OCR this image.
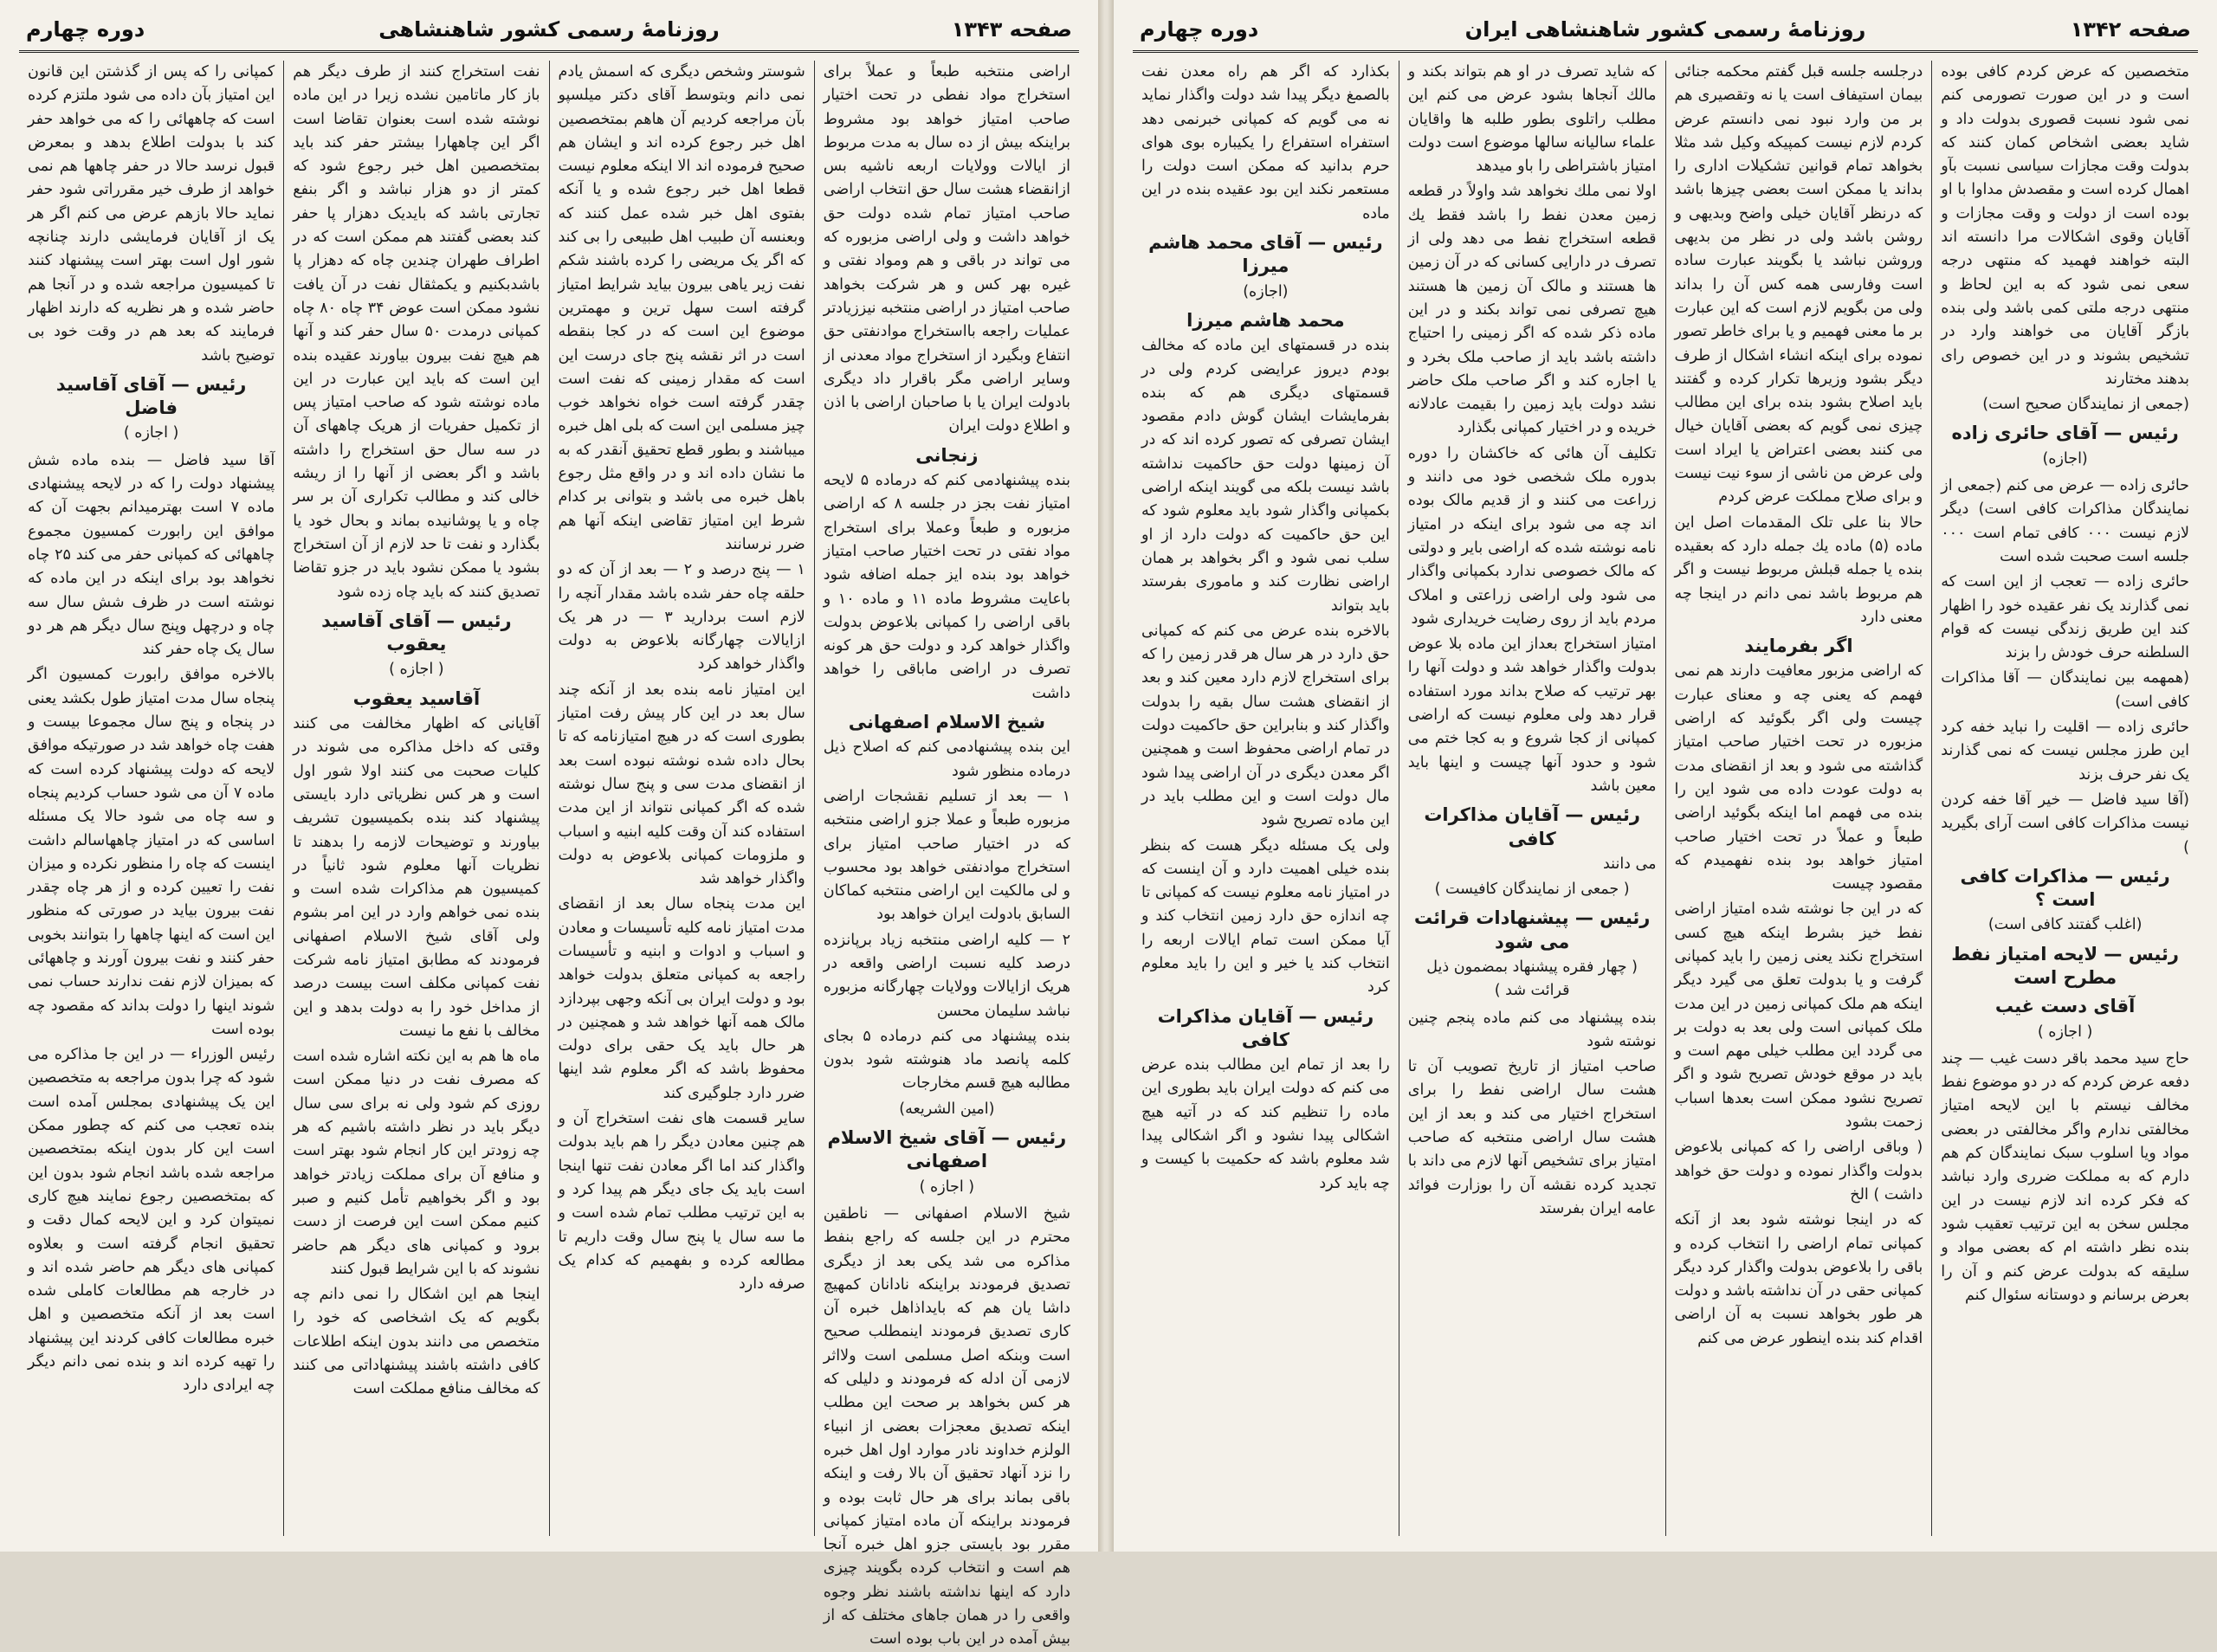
صفحه ۱۳۴۳
روزنامهٔ رسمی کشور شاهنشاهی
دوره چهارم
اراضی منتخبه طبعاً و عملاً برای استخراج مواد نفطی در تحت اختیار صاحب امتیاز خواهد بود مشروط براینکه بیش از ده سال به مدت مربوط از ایالات وولایات اربعه ناشیه بس ازانقضاء هشت سال حق انتخاب اراضی صاحب امتیاز تمام شده دولت حق خواهد داشت و ولی اراضی مزبوره که می تواند در باقی و هم ومواد نفتی و غیره بهر کس و هر شرکت بخواهد صاحب امتیاز در اراضی منتخبه نیززیادتر عملیات راجعه بااستخراج موادنفتی حق انتفاع وبگیرد از استخراج مواد معدنی از وسایر اراضی مگر باقرار داد دیگری بادولت ایران یا با صاحبان اراضی با اذن و اطلاع دولت ایران
زنجانی
بنده پیشنهادمی کنم که درماده ۵ لایحه امتیاز نفت بجز در جلسه ۸ که اراضی مزبوره و طبعاً وعملا برای استخراج مواد نفتی در تحت اختیار صاحب امتیاز خواهد بود بنده ایز جمله اضافه شود باعایت مشروط ماده ۱۱ و ماده ۱۰ و باقی اراضی را کمپانی بلاعوض بدولت واگذار خواهد کرد و دولت حق هر کونه تصرف در اراضی ماباقی را خواهد داشت
شیخ الاسلام اصفهانی
این بنده پیشنهادمی کنم که اصلاح ذیل درماده منظور شود
۱ — بعد از تسلیم نقشجات اراضی مزبوره طبعاً و عملا جزو اراضی منتخبه که در اختیار صاحب امتیاز برای استخراج موادنفتی خواهد بود محسوب و لی مالکیت این اراضی منتخبه کماکان السابق بادولت ایران خواهد بود
۲ — کلیه اراضی منتخبه زیاد برپانزده درصد کلیه نسبت اراضی واقعه در هریک ازایالات وولایات چهارگانه مزبوره نباشد سلیمان محسن
بنده پیشنهاد می کنم درماده ۵ بجای کلمه پانصد ماد هنوشته شود بدون مطالبه هیچ قسم مخارجات
(امین الشریعه)
رئیس — آقای شیخ الاسلام اصفهانی
( اجازه )
شیخ الاسلام اصفهانی — ناطقین محترم در این جلسه که راجع بنفط مذاکره می شد یکی بعد از دیگری تصدیق فرمودند براینکه نادانان کمهیچ داشا یان هم که بایداذاهل خبره آن کاری تصدیق فرمودند اینمطلب صحیح است وبنکه اصل مسلمی است ولااثر لازمی آن ادله که فرمودند و دلیلی که هر کس بخواهد بر صحت این مطلب اینکه تصدیق معجزات بعضی از انبیاء الولزم خداوند نادر موارد اول اهل خبره را نزد آنهاد تحقیق آن بالا رفت و اینکه باقی بماند برای هر حال ثابت بوده و فرمودند براینکه آن ماده امتیاز کمپانی مقرر بود بایستی جزو اهل خبره آنجا هم است و انتخاب کرده بگویند چیزی دارد که اینها نداشته باشند نظر وجوه واقعی را در همان جاهای مختلف که از بیش آمده در این باب بوده است
شوستر وشخص دیگری که اسمش یادم نمی دانم وبتوسط آقای دکتر میلسپو بآن مراجعه کردیم آن هاهم بمتخصصین اهل خبر رجوع کرده اند و ایشان هم صحیح فرموده اند الا اینکه معلوم نیست قطعا اهل خبر رجوع شده و یا آنکه بفتوی اهل خبر شده عمل کنند که وبعنسه آن طبیب اهل طبیعی را بی کند که اگر یک مریضی را کرده باشند شکم نفت زیر یاهی بیرون بیاید شرایط امتیاز گرفته است سهل ترین و مهمترین موضوع این است که در کجا بنقطه است در اثر نقشه پنج جای درست این است که مقدار زمینی که نفت است چقدر گرفته است خواه نخواهد خوب چیز مسلمی این است که بلی اهل خبره میباشند و بطور قطع تحقیق آنقدر که به ما نشان داده اند و در واقع مثل رجوع باهل خبره می باشد و بتوانی بر کدام شرط این امتیاز تقاضی اینکه آنها هم ضرر نرسانند
۱ — پنج درصد و ۲ — بعد از آن که دو حلقه چاه حفر شده باشد مقدار آنچه را لازم است بردارید ۳ — در هر یک ازایالات چهارگانه بلاعوض به دولت واگذار خواهد کرد
این امتیاز نامه بنده بعد از آنکه چند سال بعد در این کار پیش رفت امتیاز بطوری است که در هیچ امتیازنامه که تا بحال داده شده نوشته نبوده است بعد از انقضای مدت سی و پنج سال نوشته شده که اگر کمپانی نتواند از این مدت استفاده کند آن وقت کلیه ابنیه و اسباب و ملزومات کمپانی بلاعوض به دولت واگذار خواهد شد
این مدت پنجاه سال بعد از انقضای مدت امتیاز نامه کلیه تأسیسات و معادن و اسباب و ادوات و ابنیه و تأسیسات راجعه به کمپانی متعلق بدولت خواهد بود و دولت ایران بی آنکه وجهی بپردازد مالک همه آنها خواهد شد و همچنین در هر حال باید یک حقی برای دولت محفوظ باشد که اگر معلوم شد اینها ضرر دارد جلوگیری کند
سایر قسمت های نفت استخراج آن و هم چنین معادن دیگر را هم باید بدولت واگذار کند اما اگر معادن نفت تنها اینجا است باید یک جای دیگر هم پیدا کرد و به این ترتیب مطلب تمام شده است و ما سه سال یا پنج سال وقت داریم تا مطالعه کرده و بفهمیم که کدام یک صرفه دارد
نفت استخراج کنند از طرف دیگر هم باز کار ماتامین نشده زیرا در این ماده نوشته شده است بعنوان تقاضا است اگر این چاههارا بیشتر حفر کند باید بمتخصصین اهل خبر رجوع شود که کمتر از دو هزار نباشد و اگر بنفع تجارتی باشد که بایدیک دهزار پا حفر کند بعضی گفتند هم ممکن است که در اطراف طهران چندین چاه که دهزار پا باشدبکنیم و یکمثقال نفت در آن یافت نشود ممکن است عوض ۳۴ چاه ۸۰ چاه کمپانی درمدت ۵۰ سال حفر کند و آنها هم هیچ نفت بیرون بیاورند عقیده بنده این است که باید این عبارت در این ماده نوشته شود که صاحب امتیاز پس از تکمیل حفریات از هریک چاههای آن در سه سال حق استخراج را داشته باشد و اگر بعضی از آنها را از ریشه خالی کند و مطالب تکراری آن بر سر چاه و یا پوشانیده بماند و بحال خود یا بگذارد و نفت تا حد لازم از آن استخراج بشود یا ممکن نشود باید در جزو تقاضا تصدیق کنند که باید چاه زده شود
رئیس — آقای آقاسید یعقوب
( اجازه )
آقاسید یعقوب
آقایانی که اظهار مخالفت می کنند وقتی که داخل مذاکره می شوند در کلیات صحبت می کنند اولا شور اول است و هر کس نظریاتی دارد بایستی پیشنهاد کند بنده بکمیسیون تشریف بیاورند و توضیحات لازمه را بدهند تا نظریات آنها معلوم شود ثانیاً در کمیسیون هم مذاکرات شده است و بنده نمی خواهم وارد در این امر بشوم ولی آقای شیخ الاسلام اصفهانی فرمودند که مطابق امتیاز نامه شرکت نفت کمپانی مکلف است بیست درصد از مداخل خود را به دولت بدهد و این مخالف با نفع ما نیست
ماه ها هم به این نکته اشاره شده است که مصرف نفت در دنیا ممکن است روزی کم شود ولی نه برای سی سال دیگر باید در نظر داشته باشیم که هر چه زودتر این کار انجام شود بهتر است و منافع آن برای مملکت زیادتر خواهد بود و اگر بخواهیم تأمل کنیم و صبر کنیم ممکن است این فرصت از دست برود و کمپانی های دیگر هم حاضر نشوند که با این شرایط قبول کنند
اینجا هم این اشکال را نمی دانم چه بگویم که یک اشخاصی که خود را متخصص می دانند بدون اینکه اطلاعات کافی داشته باشند پیشنهاداتی می کنند که مخالف منافع مملکت است
کمپانی را که پس از گذشتن این قانون این امتیاز بآن داده می شود ملتزم کرده است که چاههائی را که می خواهد حفر کند با بدولت اطلاع بدهد و بمعرض قبول نرسد حالا در حفر چاهها هم نمی خواهد از طرف خیر مقرراتی شود حفر نماید حالا بازهم عرض می کنم اگر هر یک از آقایان فرمایشی دارند چنانچه شور اول است بهتر است پیشنهاد کنند تا کمیسیون مراجعه شده و در آنجا هم حاضر شده و هر نظریه که دارند اظهار فرمایند که بعد هم در وقت خود بی توضیح باشد
رئیس — آقای آقاسید فاضل
( اجازه )
آقا سید فاضل — بنده ماده شش پیشنهاد دولت را که در لایحه پیشنهادی ماده ۷ است بهترمیدانم بجهت آن که موافق این رابورت کمسیون مجموع چاههائی که کمپانی حفر می کند ۲۵ چاه نخواهد بود برای اینکه در این ماده که نوشته است در ظرف شش سال سه چاه و درچهل وپنج سال دیگر هم هر دو سال یک چاه حفر کند
بالاخره موافق رابورت کمسیون اگر پنجاه سال مدت امتیاز طول بکشد یعنی در پنجاه و پنج سال مجموعا بیست و هفت چاه خواهد شد در صورتیکه موافق لایحه که دولت پیشنهاد کرده است که ماده ۷ آن می شود حساب کردیم پنجاه و سه چاه می شود حالا یک مسئله اساسی که در امتیاز چاههاسالم داشت اینست که چاه را منظور نکرده و میزان نفت را تعیین کرده و از هر چاه چقدر نفت بیرون بیاید در صورتی که منظور این است که اینها چاهها را بتوانند بخوبی حفر کنند و نفت بیرون آورند و چاههائی که بمیزان لازم نفت ندارند حساب نمی شوند اینها را دولت بداند که مقصود چه بوده است
رئیس الوزراء — در این جا مذاکره می شود که چرا بدون مراجعه به متخصصین این یک پیشنهادی بمجلس آمده است بنده تعجب می کنم که چطور ممکن است این کار بدون اینکه بمتخصصین مراجعه شده باشد انجام شود بدون این که بمتخصصین رجوع نمایند هیچ کاری نمیتوان کرد و این لایحه کمال دقت و تحقیق انجام گرفته است و بعلاوه کمپانی های دیگر هم حاضر شده اند و در خارجه هم مطالعات کاملی شده است بعد از آنکه متخصصین و اهل خبره مطالعات کافی کردند این پیشنهاد را تهیه کرده اند و بنده نمی دانم دیگر چه ایرادی دارد
صفحه ۱۳۴۲
روزنامهٔ رسمی کشور شاهنشاهی ایران
دوره چهارم
متخصصین که عرض کردم کافی بوده است و در این صورت تصورمی کنم نمی شود نسبت قصوری بدولت داد و شاید بعضی اشخاص کمان کنند که بدولت وقت مجازات سیاسی نسبت بآو اهمال کرده است و مقصدش مداوا با او بوده است از دولت و وقت مجازات و آقایان وقوی اشکالات مرا دانسته اند البته خواهند فهمید که منتهی درجه سعی نمی شود که به این لحاظ و منتهی درجه ملتی کمی باشد ولی بنده بازگر آقایان می خواهند وارد در تشخیص بشوند و در این خصوص رای بدهند مختارند
(جمعی از نمایندگان صحیح است)
رئیس — آقای حائری زاده
(اجازه)
حائری زاده — عرض می کنم (جمعی از نمایندگان مذاکرات کافی است) دیگر لازم نیست ۰۰۰ کافی تمام است ۰۰۰ جلسه است صحبت شده است
حائری زاده — تعجب از این است که نمی گذارند یک نفر عقیده خود را اظهار کند این طریق زندگی نیست که قوام السلطنه حرف خودش را بزند
(همهمه بین نمایندگان — آقا مذاکرات کافی است)
حائری زاده — اقلیت را نباید خفه کرد این طرز مجلس نیست که نمی گذارند یک نفر حرف بزند
(آقا سید فاضل — خیر آقا خفه کردن نیست مذاکرات کافی است آرای بگیرید )
رئیس — مذاکرات کافی است ؟
(اغلب گفتند کافی است)
رئیس — لایحه امتیاز نفط مطرح است
آقای دست غیب
( اجازه )
حاج سید محمد باقر دست غیب — چند دفعه عرض کردم که در دو موضوع نفط مخالف نیستم با این لایحه امتیاز مخالفتی ندارم واگر مخالفتی در بعضی مواد ویا اسلوب سبک نمایندگان کم هم دارم که به مملکت ضرری وارد نباشد که فکر کرده اند لازم نیست در این مجلس سخن به این ترتیب تعقیب شود بنده نظر داشته ام که بعضی مواد و سلیقه که بدولت عرض کنم و آن را بعرض برسانم و دوستانه سئوال کنم
درجلسه جلسه قبل گفتم محکمه جنائی بیمان استیفاف است یا نه وتقصیری هم بر من وارد نبود نمی دانستم عرض کردم لازم نیست کمپیکه وکیل شد مثلا بخواهد تمام قوانین تشکیلات اداری را بداند یا ممکن است بعضی چیزها باشد که درنظر آقایان خیلی واضح وبدیهی و روشن باشد ولی در نظر من بدیهی وروشن نباشد یا بگویند عبارت ساده است وفارسی همه کس آن را بداند ولی من بگویم لازم است که این عبارت بر ما معنی فهمیم و یا برای خاطر تصور نموده برای اینکه انشاء اشکال از طرف دیگر بشود وزیرها تکرار کرده و گفتند باید اصلاح بشود بنده برای این مطالب چیزی نمی گویم که بعضی آقایان خیال می کنند بعضی اعتراض یا ایراد است ولی عرض من ناشی از سوء نیت نیست و برای صلاح مملکت عرض کردم
حالا بنا علی تلک المقدمات اصل این ماده (۵) ماده یك جمله دارد که بعقیده بنده یا جمله قبلش مربوط نیست و اگر هم مربوط باشد نمی دانم در اینجا چه معنی دارد
اگر بفرمایند
که اراضی مزبور معافیت دارند هم نمی فهمم که یعنی چه و معنای عبارت چیست ولی اگر بگوئید که اراضی مزبوره در تحت اختیار صاحب امتیاز گذاشته می شود و بعد از انقضای مدت به دولت عودت داده می شود این را بنده می فهمم اما اینکه بگوئید اراضی طبعاً و عملاً در تحت اختیار صاحب امتیاز خواهد بود بنده نفهمیدم که مقصود چیست
که در این جا نوشته شده امتیاز اراضی نفط خیز بشرط اینکه هیچ کسی استخراج نکند یعنی زمین را باید کمپانی گرفت و یا بدولت تعلق می گیرد دیگر اینکه هم ملک کمپانی زمین در این مدت ملک کمپانی است ولی بعد به دولت بر می گردد این مطلب خیلی مهم است و باید در موقع خودش تصریح شود و اگر تصریح نشود ممکن است بعدها اسباب زحمت بشود
( وباقی اراضی را که کمپانی بلاعوض بدولت واگذار نموده و دولت حق خواهد داشت ) الخ
که در اینجا نوشته شود بعد از آنکه کمپانی تمام اراضی را انتخاب کرده و باقی را بلاعوض بدولت واگذار کرد دیگر کمپانی حقی در آن نداشته باشد و دولت هر طور بخواهد نسبت به آن اراضی اقدام کند بنده اینطور عرض می کنم
که شاید تصرف در او هم بتواند بکند و مالك آنجاها بشود عرض می کنم این مطلب راتلوی بطور طلبه ها واقایان علماء سالیانه سالها موضوع است دولت امتیاز باشتراطی را باو میدهد
اولا نمی ملك نخواهد شد واولاً در قطعه زمین معدن نفط را باشد فقط یك قطعه استخراج نفط می دهد ولی از تصرف در دارایی کسانی که در آن زمین ها هستند و مالک آن زمین ها هستند هیچ تصرفی نمی تواند بکند و در این ماده ذکر شده که اگر زمینی را احتیاج داشته باشد باید از صاحب ملک بخرد و یا اجاره کند و اگر صاحب ملک حاضر نشد دولت باید زمین را بقیمت عادلانه خریده و در اختیار کمپانی بگذارد
تکلیف آن هائی که خاکشان را دوره بدوره ملک شخصی خود می دانند و زراعت می کنند و از قدیم مالک بوده اند چه می شود برای اینکه در امتیاز نامه نوشته شده که اراضی بایر و دولتی که مالک خصوصی ندارد بکمپانی واگذار می شود ولی اراضی زراعتی و املاک مردم باید از روی رضایت خریداری شود
امتیاز استخراج بعداز این ماده بلا عوض بدولت واگذار خواهد شد و دولت آنها را بهر ترتیب که صلاح بداند مورد استفاده قرار دهد ولی معلوم نیست که اراضی کمپانی از کجا شروع و به کجا ختم می شود و حدود آنها چیست و اینها باید معین باشد
رئیس — آقایان مذاکرات کافی
می دانند
( جمعی از نمایندگان کافیست )
رئیس — پیشنهادات قرائت می شود
( چهار فقره پیشنهاد بمضمون ذیل قرائت شد )
بنده پیشنهاد می کنم ماده پنجم چنین نوشته شود
صاحب امتیاز از تاریخ تصویب آن تا هشت سال اراضی نفط را برای استخراج اختیار می کند و بعد از این هشت سال اراضی منتخبه که صاحب امتیاز برای تشخیص آنها لازم می داند با تجدید کرده نقشه آن را بوزارت فوائد عامه ایران بفرستد
بکذارد که اگر هم راه معدن نفت بالصمغ دیگر پیدا شد دولت واگذار نماید نه می گویم که کمپانی خبرنمی دهد استفراه استفراع را یکیباره بوی هوای حرم بدانید که ممکن است دولت را مستعمر نکند این بود عقیده بنده در این ماده
رئیس — آقای محمد هاشم میرزا
(اجازه)
محمد هاشم میرزا
بنده در قسمتهای این ماده که مخالف بودم دیروز عرایضی کردم ولی در قسمتهای دیگری هم که بنده بفرمایشات ایشان گوش دادم مقصود ایشان تصرفی که تصور کرده اند که در آن زمینها دولت حق حاکمیت نداشته باشد نیست بلکه می گویند اینکه اراضی بکمپانی واگذار شود باید معلوم شود که این حق حاکمیت که دولت دارد از او سلب نمی شود و اگر بخواهد بر همان اراضی نظارت کند و ماموری بفرستد باید بتواند
بالاخره بنده عرض می کنم که کمپانی حق دارد در هر سال هر قدر زمین را که برای استخراج لازم دارد معین کند و بعد از انقضای هشت سال بقیه را بدولت واگذار کند و بنابراین حق حاکمیت دولت در تمام اراضی محفوظ است و همچنین اگر معدن دیگری در آن اراضی پیدا شود مال دولت است و این مطلب باید در این ماده تصریح شود
ولی یک مسئله دیگر هست که بنظر بنده خیلی اهمیت دارد و آن اینست که در امتیاز نامه معلوم نیست که کمپانی تا چه اندازه حق دارد زمین انتخاب کند و آیا ممکن است تمام ایالات اربعه را انتخاب کند یا خیر و این را باید معلوم کرد
رئیس — آقایان مذاکرات کافی
را بعد از تمام این مطالب بنده عرض می کنم که دولت ایران باید بطوری این ماده را تنظیم کند که در آتیه هیچ اشکالی پیدا نشود و اگر اشکالی پیدا شد معلوم باشد که حکمیت با کیست و چه باید کرد
